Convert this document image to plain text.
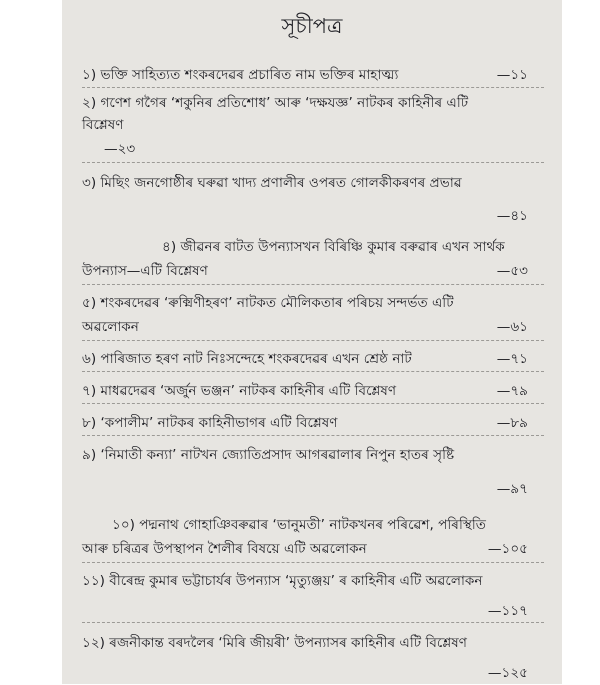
সূচীপত্ৰ
১) ভক্তি সাহিত্যত শংকৰদেৱৰ প্ৰচাৰিত নাম ভক্তিৰ মাহাত্ম্য	—১১
২) গণেশ গগৈৰ ‘শকুনিৰ প্ৰতিশোধ’ আৰু ‘দক্ষযজ্ঞ’ নাটকৰ কাহিনীৰ এটি
বিশ্লেষণ
—২৩
৩) মিছিং জনগোষ্ঠীৰ ঘৰুৱা খাদ্য প্ৰণালীৰ ওপৰত গোলকীকৰণৰ প্ৰভাৱ
—৪১
৪) জীৱনৰ বাটত উপন্যাসখন বিৰিঞ্চি কুমাৰ বৰুৱাৰ এখন সাৰ্থক
উপন্যাস—এটি বিশ্লেষণ	—৫৩
৫) শংকৰদেৱৰ ‘ৰুক্মিণীহৰণ’ নাটকত মৌলিকতাৰ পৰিচয় সন্দৰ্ভত এটি
অৱলোকন	—৬১
৬) পাৰিজাত হৰণ নাট নিঃসন্দেহে শংকৰদেৱৰ এখন শ্ৰেষ্ঠ নাট	—৭১
৭) মাধৱদেৱৰ ‘অৰ্জুন ভঞ্জন’ নাটকৰ কাহিনীৰ এটি বিশ্লেষণ	—৭৯
৮) ‘কপালীম’ নাটকৰ কাহিনীভাগৰ এটি বিশ্লেষণ	—৮৯
৯) ‘নিমাতী কন্যা’ নাটখন জ্যোতিপ্ৰসাদ আগৰৱালাৰ নিপুন হাতৰ সৃষ্টি
—৯৭
১০) পদ্মনাথ গোহাঞিবৰুৱাৰ ‘ভানুমতী’ নাটকখনৰ পৰিৱেশ, পৰিস্থিতি
আৰু চৰিত্ৰৰ উপস্থাপন শৈলীৰ বিষয়ে এটি অৱলোকন	—১০৫
১১) বীৰেন্দ্ৰ কুমাৰ ভট্টাচাৰ্যৰ উপন্যাস ‘মৃত্যুঞ্জয়’ ৰ কাহিনীৰ এটি অৱলোকন
—১১৭
১২) ৰজনীকান্ত বৰদলৈৰ ‘মিৰি জীয়ৰী’ উপন্যাসৰ কাহিনীৰ এটি বিশ্লেষণ
—১২৫
